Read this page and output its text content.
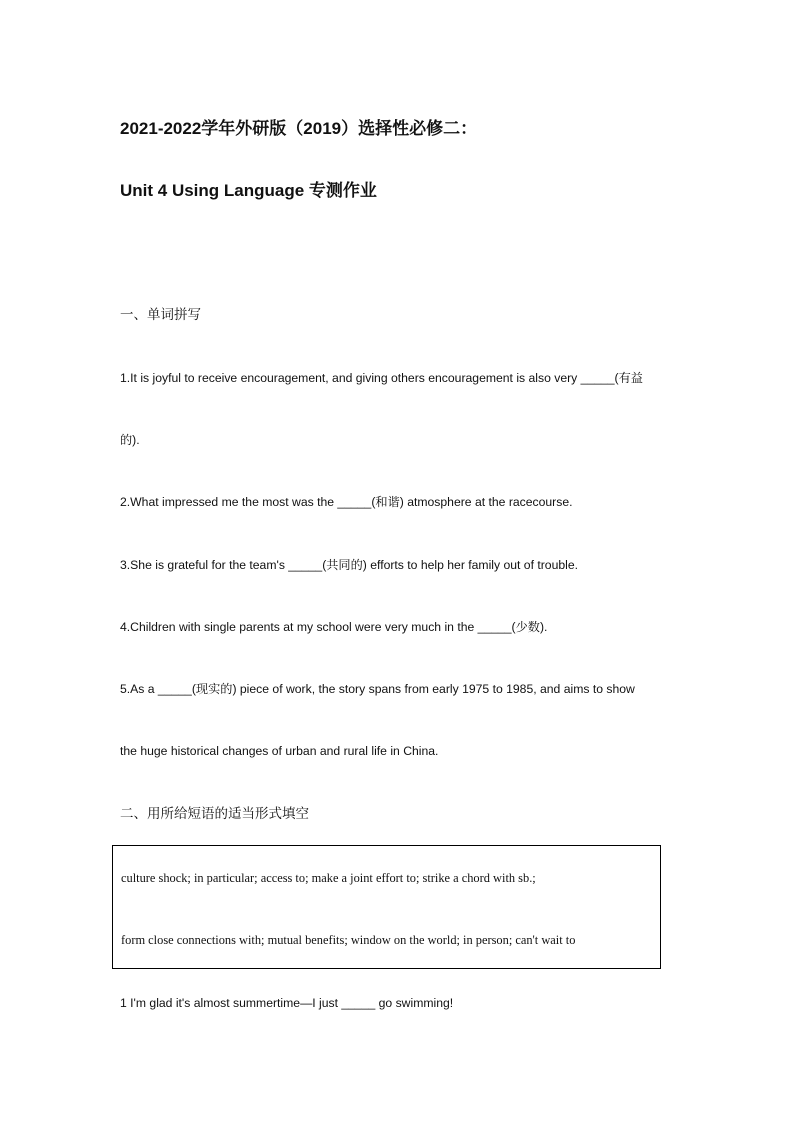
2021-2022学年外研版（2019）选择性必修二：
Unit 4 Using Language 专测作业
一、单词拼写
1.It is joyful to receive encouragement, and giving others encouragement is also very _____(有益
的).
2.What impressed me the most was the _____(和谐) atmosphere at the racecourse.
3.She is grateful for the team's _____(共同的) efforts to help her family out of trouble.
4.Children with single parents at my school were very much in the _____(少数).
5.As a _____(现实的) piece of work, the story spans from early 1975 to 1985, and aims to show
the huge historical changes of urban and rural life in China.
二、用所给短语的适当形式填空
culture shock; in particular; access to; make a joint effort to; strike a chord with sb.;
form close connections with; mutual benefits; window on the world; in person; can't wait to
1 I'm glad it's almost summertime—I just _____ go swimming!
